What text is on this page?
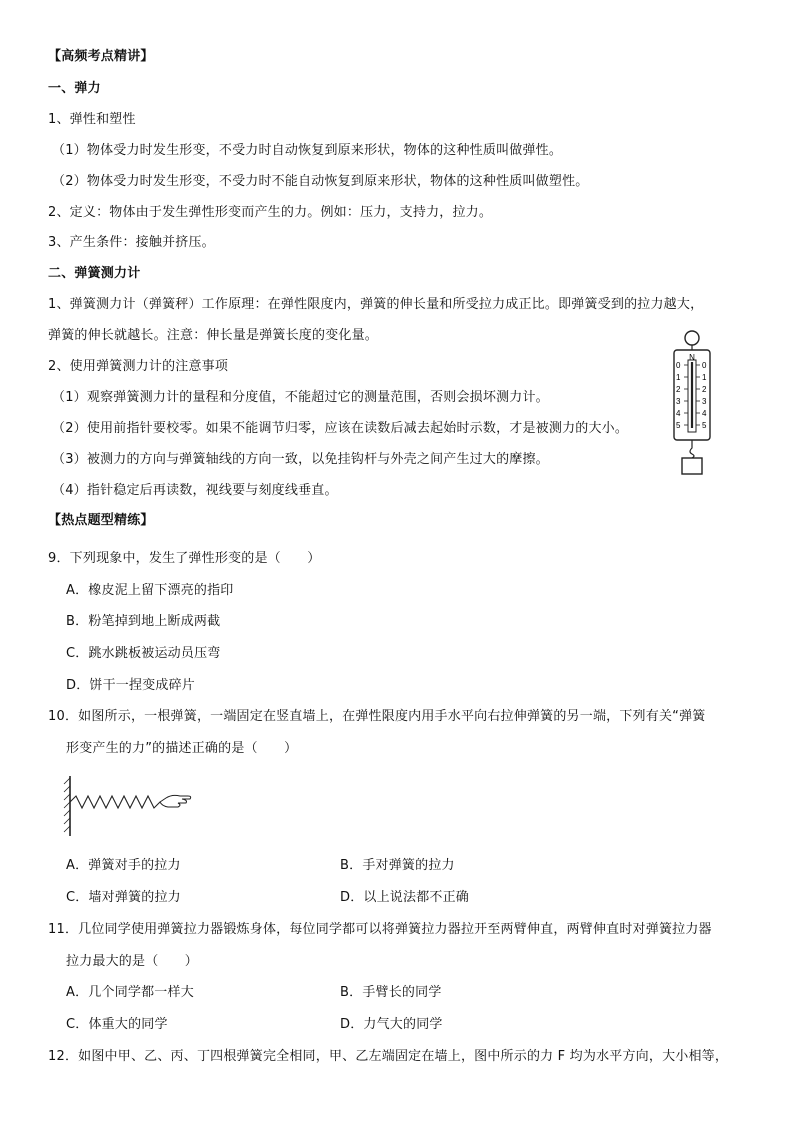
【高频考点精讲】
一、弹力
1、弹性和塑性
（1）物体受力时发生形变，不受力时自动恢复到原来形状，物体的这种性质叫做弹性。
（2）物体受力时发生形变，不受力时不能自动恢复到原来形状，物体的这种性质叫做塑性。
2、定义：物体由于发生弹性形变而产生的力。例如：压力，支持力，拉力。
3、产生条件：接触并挤压。
二、弹簧测力计
1、弹簧测力计（弹簧秤）工作原理：在弹性限度内，弹簧的伸长量和所受拉力成正比。即弹簧受到的拉力越大，
弹簧的伸长就越长。注意：伸长量是弹簧长度的变化量。
2、使用弹簧测力计的注意事项
（1）观察弹簧测力计的量程和分度值，不能超过它的测量范围，否则会损坏测力计。
（2）使用前指针要校零。如果不能调节归零，应该在读数后减去起始时示数，才是被测力的大小。
（3）被测力的方向与弹簧轴线的方向一致，以免挂钩杆与外壳之间产生过大的摩擦。
（4）指针稳定后再读数，视线要与刻度线垂直。
N
0
1
2
3
4
5
0
1
2
3
4
5
【热点题型精练】
9．下列现象中，发生了弹性形变的是（　　）
A．橡皮泥上留下漂亮的指印
B．粉笔掉到地上断成两截
C．跳水跳板被运动员压弯
D．饼干一捏变成碎片
10．如图所示，一根弹簧，一端固定在竖直墙上，在弹性限度内用手水平向右拉伸弹簧的另一端，下列有关“弹簧
形变产生的力”的描述正确的是（　　）
A．弹簧对手的拉力	B．手对弹簧的拉力
C．墙对弹簧的拉力	D．以上说法都不正确
11．几位同学使用弹簧拉力器锻炼身体，每位同学都可以将弹簧拉力器拉开至两臂伸直，两臂伸直时对弹簧拉力器
拉力最大的是（　　）
A．几个同学都一样大	B．手臂长的同学
C．体重大的同学	D．力气大的同学
12．如图中甲、乙、丙、丁四根弹簧完全相同，甲、乙左端固定在墙上，图中所示的力 F 均为水平方向，大小相等，
